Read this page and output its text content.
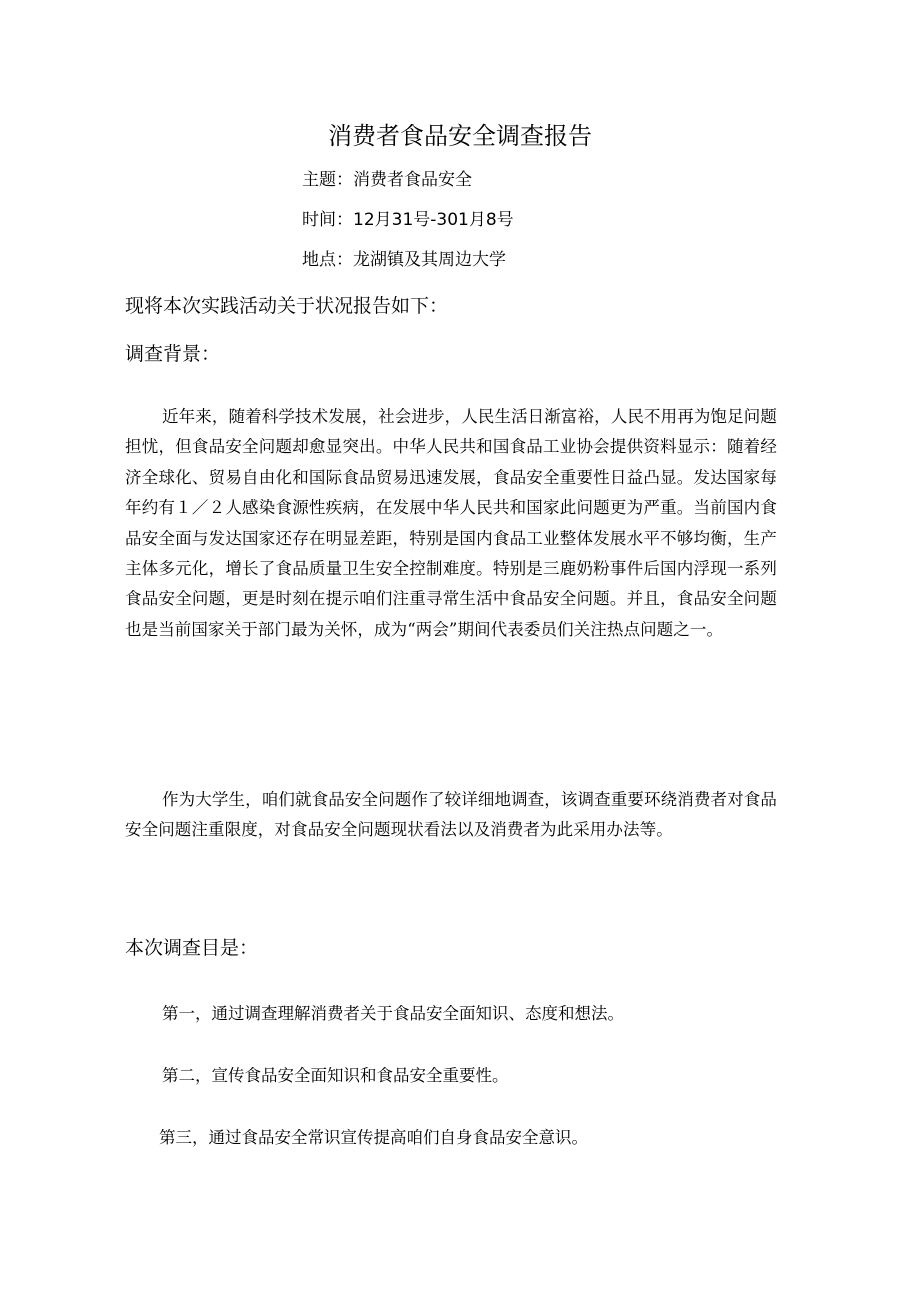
消费者食品安全调查报告
主题：消费者食品安全
时间：12月31号-301月8号
地点：龙湖镇及其周边大学
现将本次实践活动关于状况报告如下：
调查背景：

近年来，随着科学技术发展，社会进步，人民生活日渐富裕，人民不用再为饱足问题担忧，但食品安全问题却愈显突出。中华人民共和国食品工业协会提供资料显示：随着经济全球化、贸易自由化和国际食品贸易迅速发展，食品安全重要性日益凸显。发达国家每年约有１／２人感染食源性疾病，在发展中华人民共和国家此问题更为严重。当前国内食品安全面与发达国家还存在明显差距，特别是国内食品工业整体发展水平不够均衡，生产主体多元化，增长了食品质量卫生安全控制难度。特别是三鹿奶粉事件后国内浮现一系列食品安全问题，更是时刻在提示咱们注重寻常生活中食品安全问题。并且，食品安全问题也是当前国家关于部门最为关怀，成为“两会”期间代表委员们关注热点问题之一。

作为大学生，咱们就食品安全问题作了较详细地调查，该调查重要环绕消费者对食品安全问题注重限度，对食品安全问题现状看法以及消费者为此采用办法等。

本次调查目是：
第一，通过调查理解消费者关于食品安全面知识、态度和想法。
第二，宣传食品安全面知识和食品安全重要性。
第三，通过食品安全常识宣传提高咱们自身食品安全意识。
